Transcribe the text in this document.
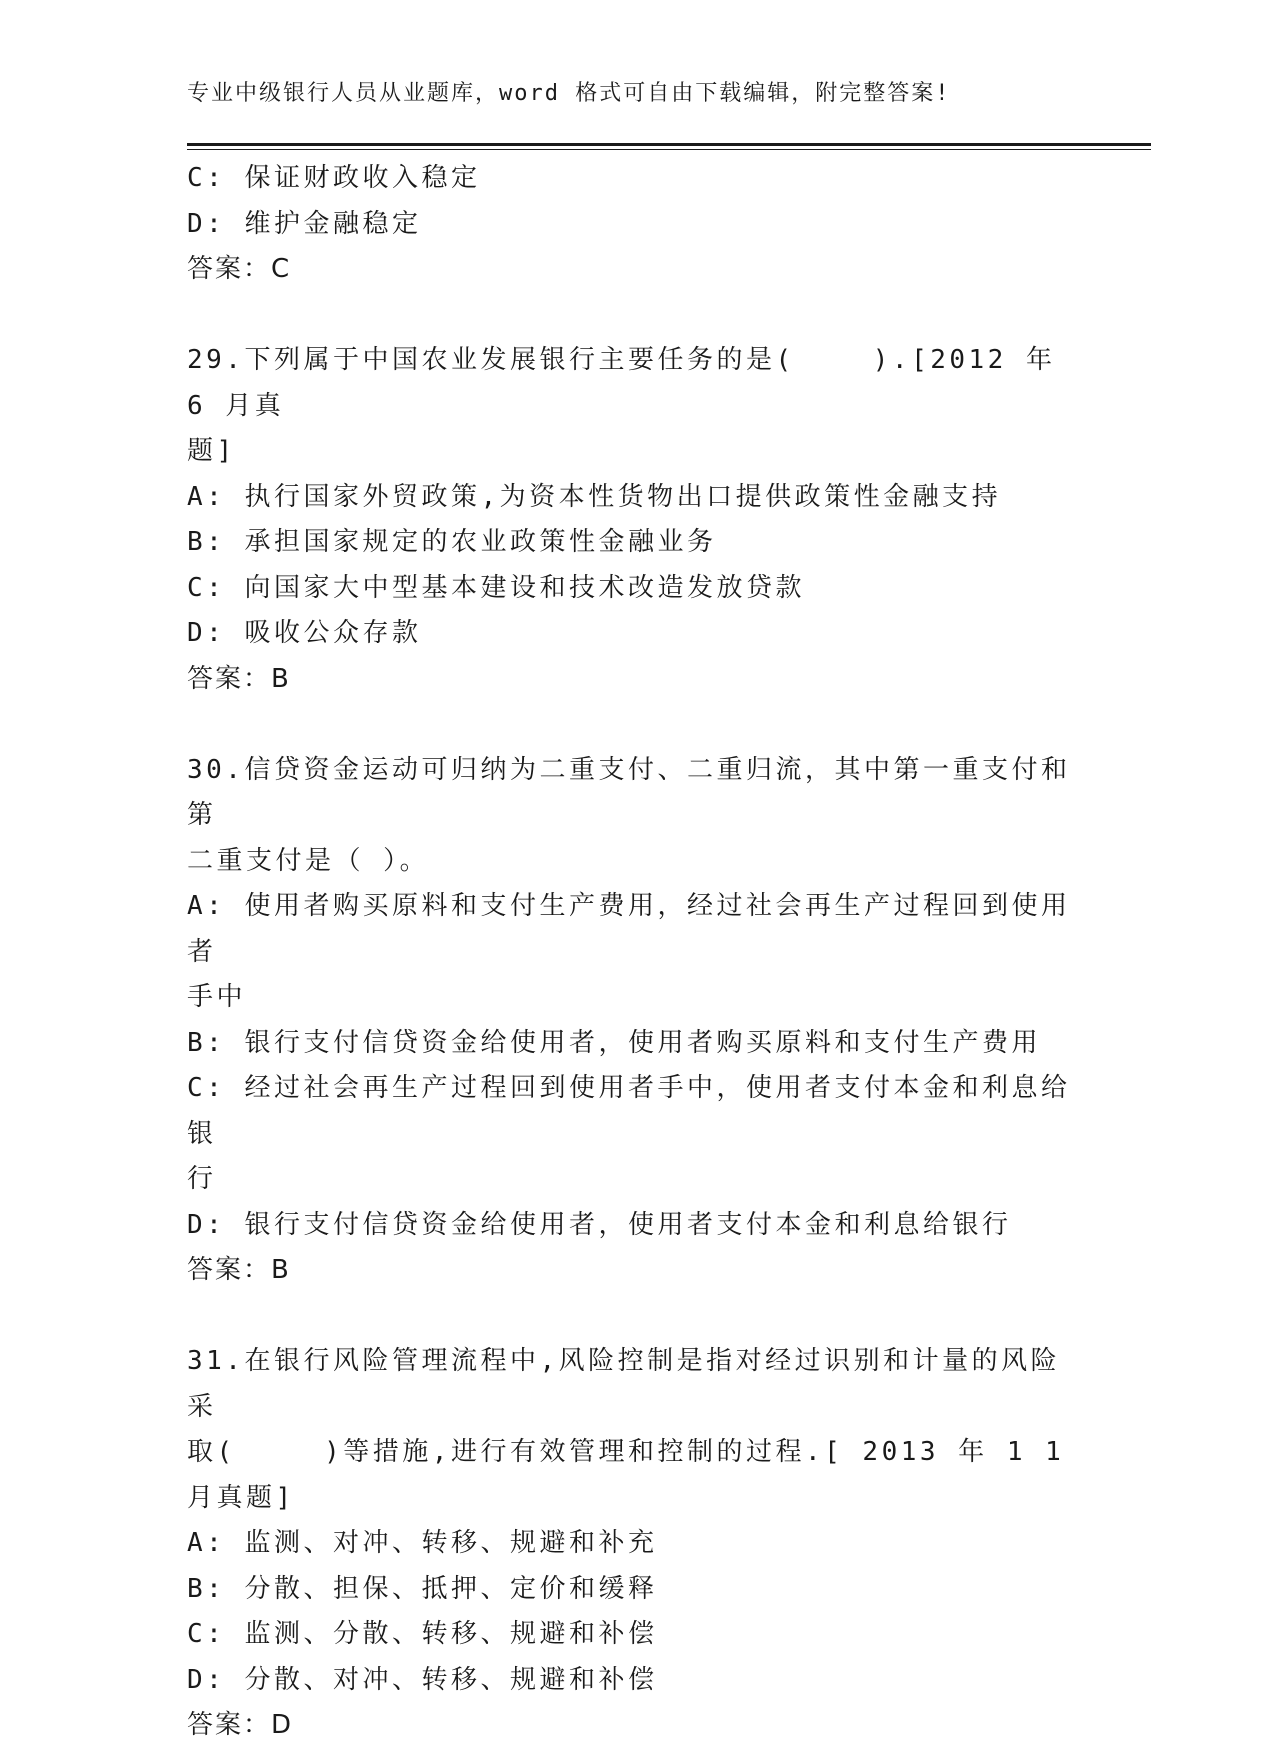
专业中级银行人员从业题库，word 格式可自由下载编辑，附完整答案!
C: 保证财政收入稳定
D: 维护金融稳定
答案：C
29.下列属于中国农业发展银行主要任务的是(　　 ).[2012 年 6 月真
题]
A: 执行国家外贸政策,为资本性货物出口提供政策性金融支持
B: 承担国家规定的农业政策性金融业务
C: 向国家大中型基本建设和技术改造发放贷款
D: 吸收公众存款
答案：B
30.信贷资金运动可归纳为二重支付、二重归流，其中第一重支付和第
二重支付是（ ）。
A: 使用者购买原料和支付生产费用，经过社会再生产过程回到使用者
手中
B: 银行支付信贷资金给使用者，使用者购买原料和支付生产费用
C: 经过社会再生产过程回到使用者手中，使用者支付本金和利息给银
行
D: 银行支付信贷资金给使用者，使用者支付本金和利息给银行
答案：B
31.在银行风险管理流程中,风险控制是指对经过识别和计量的风险采
取(　　　)等措施,进行有效管理和控制的过程.[ 2013 年 1 1 月真题]
A: 监测、对冲、转移、规避和补充
B: 分散、担保、抵押、定价和缓释
C: 监测、分散、转移、规避和补偿
D: 分散、对冲、转移、规避和补偿
答案：D
